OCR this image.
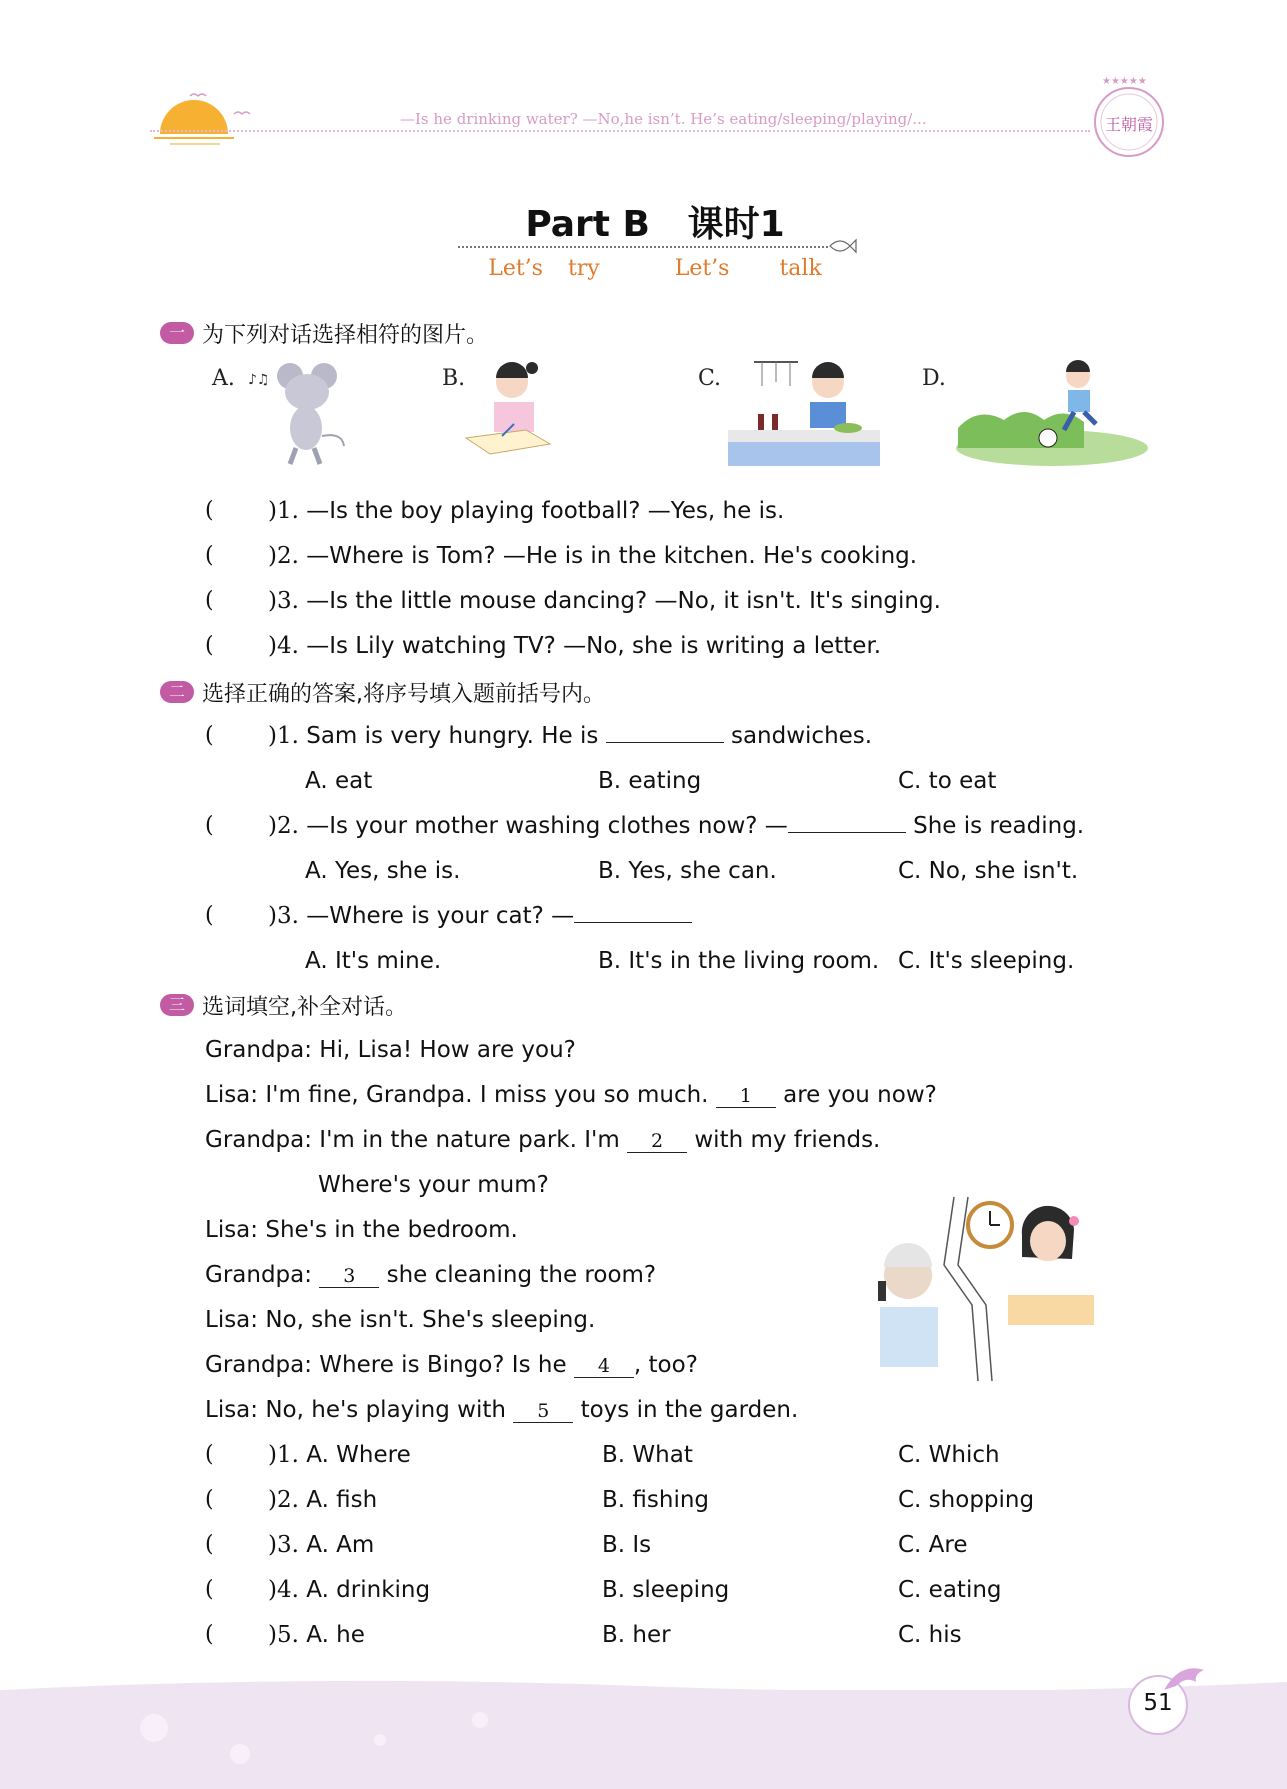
—Is he drinking water? —No,he isn’t. He’s eating/sleeping/playing/...
★★★★★
王朝霞
Part B   课时1
Let’s try   Let’s  talk
一 为下列对话选择相符的图片。
A. ♪♫	B.	C.	D.
( )1. —Is the boy playing football? —Yes, he is.
( )2. —Where is Tom? —He is in the kitchen. He's cooking.
( )3. —Is the little mouse dancing? —No, it isn't. It's singing.
( )4. —Is Lily watching TV? —No, she is writing a letter.
二 选择正确的答案,将序号填入题前括号内。
( )1. Sam is very hungry. He is	sandwiches.
A. eat	B. eating	C. to eat
( )2. —Is your mother washing clothes now? —	She is reading.
A. Yes, she is.	B. Yes, she can.	C. No, she isn't.
( )3. —Where is your cat? —
A. It's mine.	B. It's in the living room. C. It's sleeping.
三 选词填空,补全对话。
Grandpa: Hi, Lisa! How are you?
Lisa: I'm fine, Grandpa. I miss you so much. 1 are you now?
Grandpa: I'm in the nature park. I'm 2 with my friends.
Where's your mum?
Lisa: She's in the bedroom.
Grandpa: 3 she cleaning the room?
Lisa: No, she isn't. She's sleeping.
Grandpa: Where is Bingo? Is he 4 , too?
Lisa: No, he's playing with 5 toys in the garden.
( )1. A. Where	B. What	C. Which
( )2. A. fish	B. fishing	C. shopping
( )3. A. Am	B. Is	C. Are
( )4. A. drinking	B. sleeping	C. eating
( )5. A. he	B. her	C. his
51
